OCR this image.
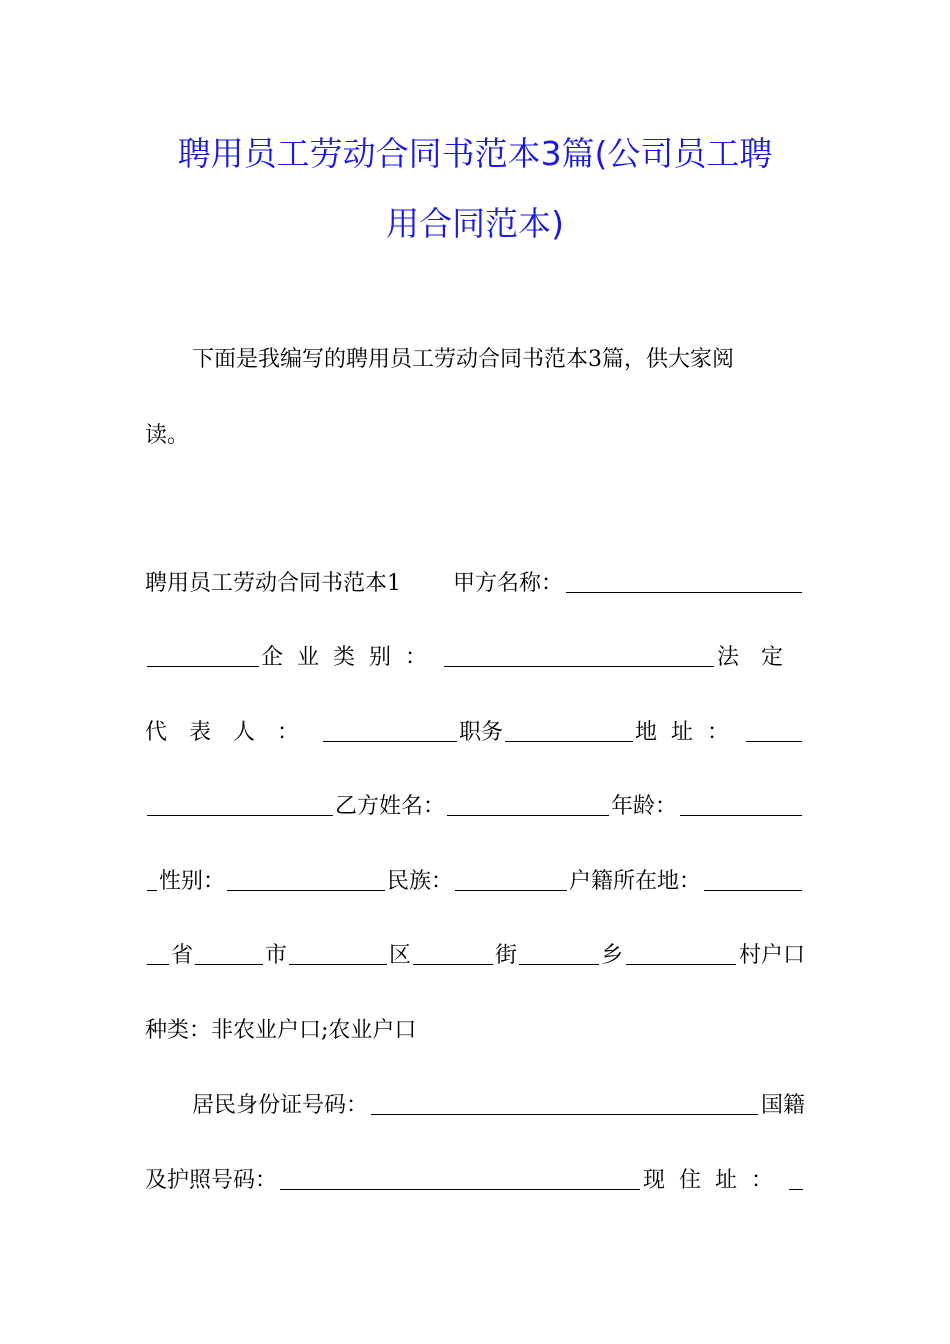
聘用员工劳动合同书范本3篇(公司员工聘
用合同范本)
下面是我编写的聘用员工劳动合同书范本3篇，供大家阅
读。
聘用员工劳动合同书范本1 甲方名称：
企业类别：	法定
代表人：	职务	地址：
乙方姓名：	年龄：
性别：	民族：	户籍所在地：
省	市	区	街	乡	村户口
种类：非农业户口;农业户口
居民身份证号码：	国籍
及护照号码：	现住址：
